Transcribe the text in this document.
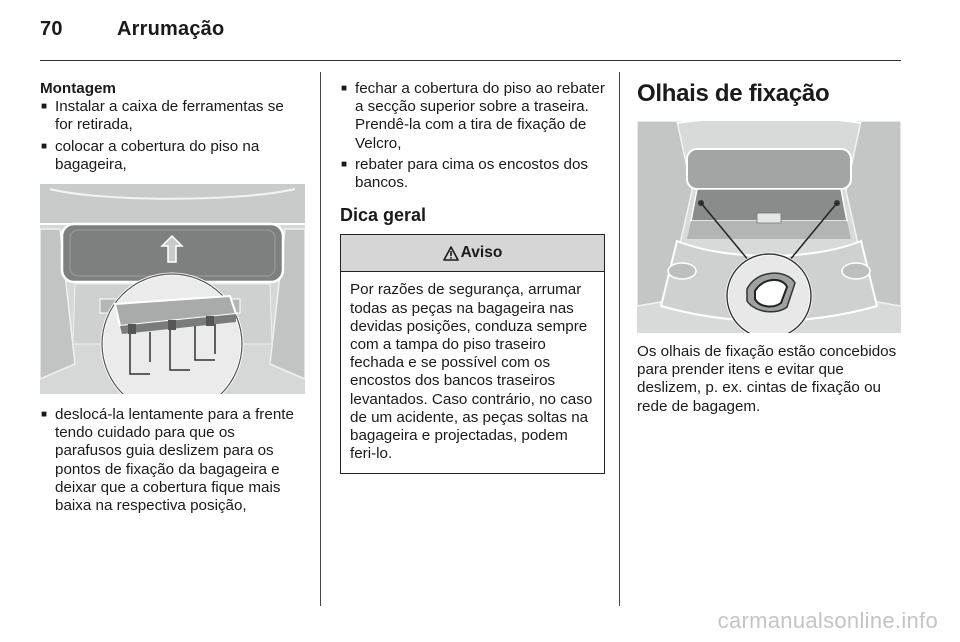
70	Arrumação
Montagem
■ Instalar a caixa de ferramentas se for retirada,
■ colocar a cobertura do piso na bagageira,
■ deslocá-la lentamente para a frente tendo cuidado para que os parafusos guia deslizem para os pontos de fixação da bagageira e deixar que a cobertura fique mais baixa na respectiva posição,
■ fechar a cobertura do piso ao rebater a secção superior sobre a traseira. Prendê-la com a tira de fixação de Velcro,
■ rebater para cima os encostos dos bancos.
Dica geral
Aviso
Por razões de segurança, arrumar todas as peças na bagageira nas devidas posições, conduza sempre com a tampa do piso traseiro fechada e se possível com os encostos dos bancos traseiros levantados. Caso contrário, no caso de um acidente, as peças soltas na bagageira e projectadas, podem feri-lo.
Olhais de fixação

Os olhais de fixação estão concebidos para prender itens e evitar que deslizem, p. ex. cintas de fixação ou rede de bagagem.

carmanualsonline.info
